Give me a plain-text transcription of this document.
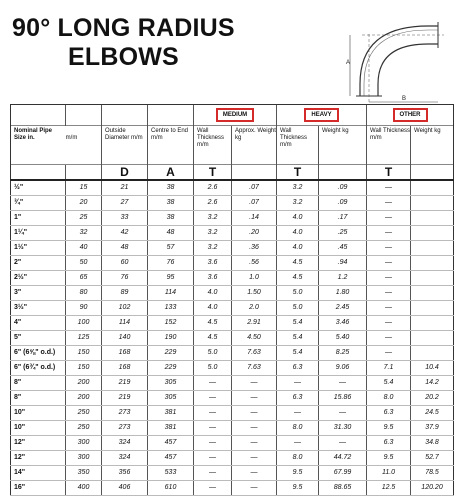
90° LONG RADIUS
ELBOWS	A
B
				MEDIUM		HEAVY		OTHER	
Nominal Pipe Size in. m/m		Outside Diameter m/m	Centre to End m/m	Wall Thickness m/m	Approx. Weight kg	Wall Thickness m/m	Weight kg	Wall Thickness m/m	Weight kg
		D	A	T		T		T	
½"	15	21	38	2.6	.07	3.2	.09	—	
¾"	20	27	38	2.6	.07	3.2	.09	—	
1"	25	33	38	3.2	.14	4.0	.17	—	
1¼"	32	42	48	3.2	.20	4.0	.25	—	
1½"	40	48	57	3.2	.36	4.0	.45	—	
2"	50	60	76	3.6	.56	4.5	.94	—	
2½"	65	76	95	3.6	1.0	4.5	1.2	—	
3"	80	89	114	4.0	1.50	5.0	1.80	—	
3½"	90	102	133	4.0	2.0	5.0	2.45	—	
4"	100	114	152	4.5	2.91	5.4	3.46	—	
5"	125	140	190	4.5	4.50	5.4	5.40	—	
6" (6⅝" o.d.)	150	168	229	5.0	7.63	5.4	8.25	—	
6" (6¾" o.d.)	150	168	229	5.0	7.63	6.3	9.06	7.1	10.4
8"	200	219	305	—	—	—	—	5.4	14.2
8"	200	219	305	—	—	6.3	15.86	8.0	20.2
10"	250	273	381	—	—	—	—	6.3	24.5
10"	250	273	381	—	—	8.0	31.30	9.5	37.9
12"	300	324	457	—	—	—	—	6.3	34.8
12"	300	324	457	—	—	8.0	44.72	9.5	52.7
14"	350	356	533	—	—	9.5	67.99	11.0	78.5
16"	400	406	610	—	—	9.5	88.65	12.5	120.20
